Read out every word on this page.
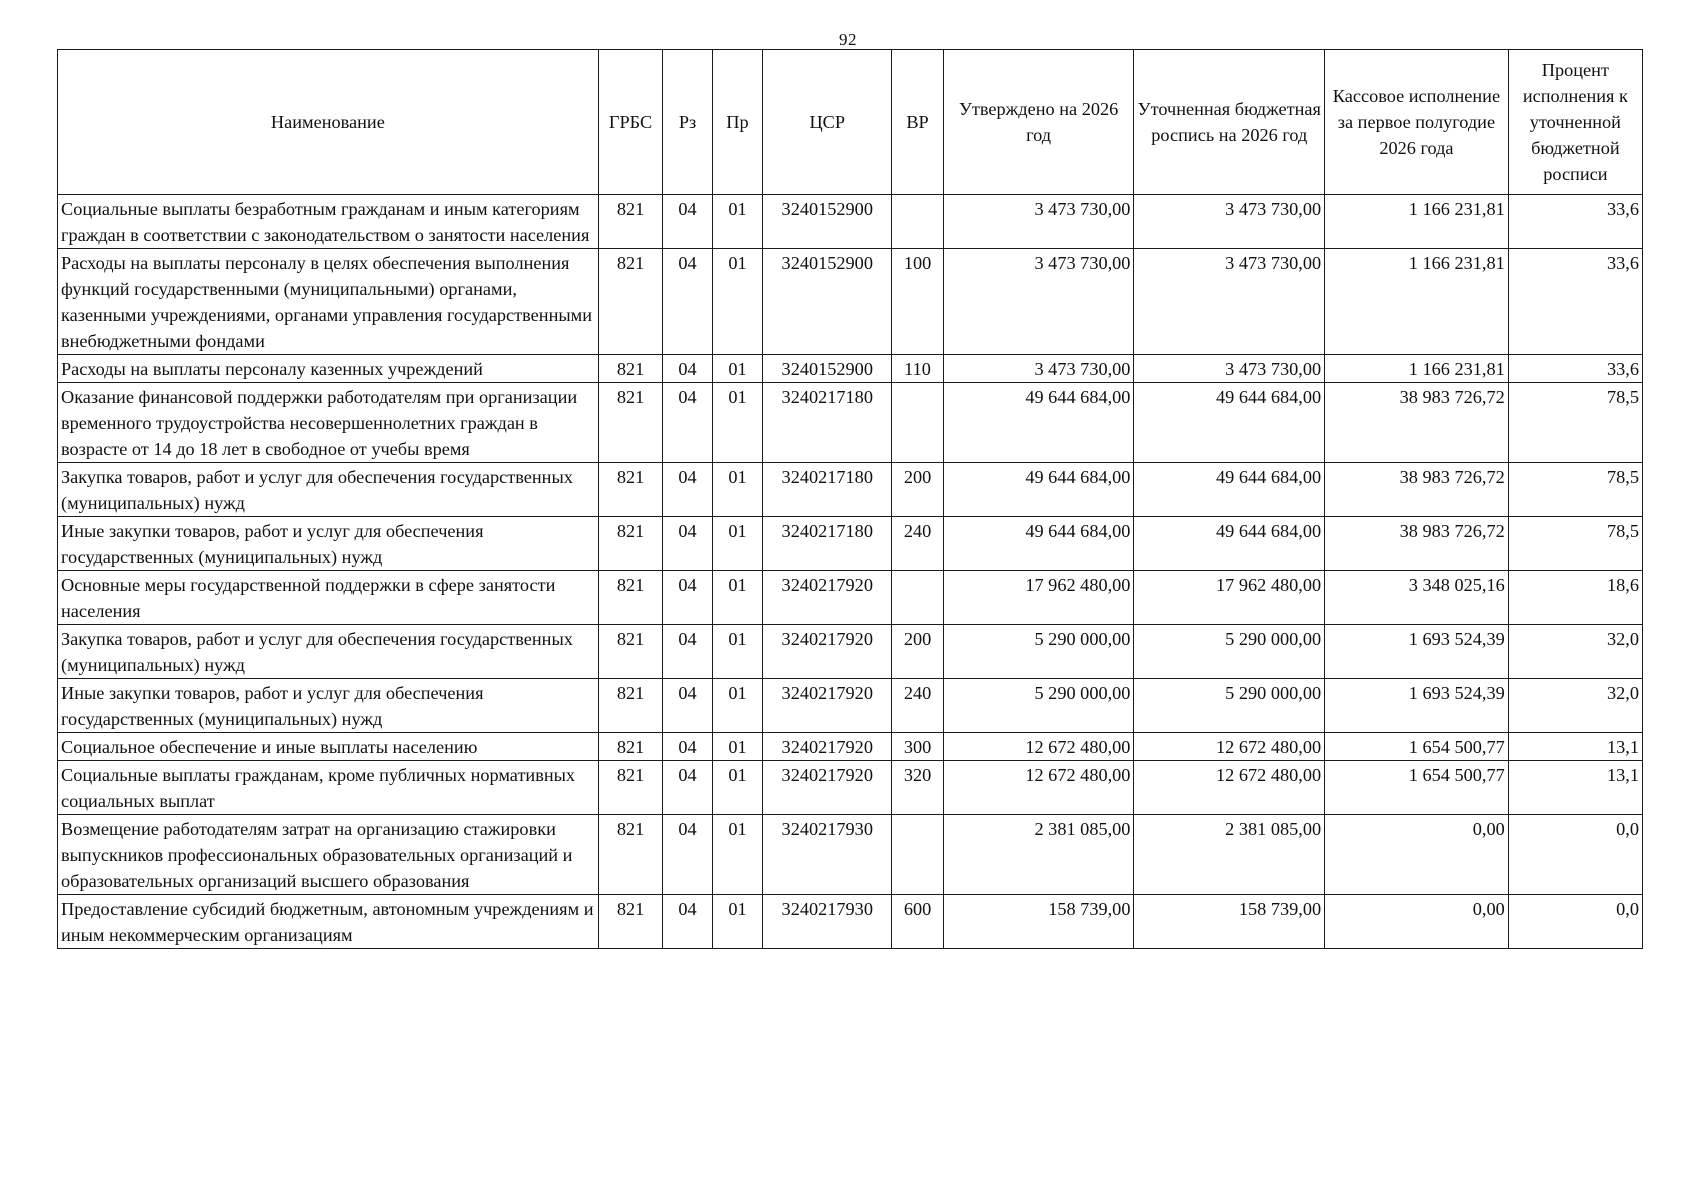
92
Наименование	ГРБС	Рз	Пр	ЦСР	ВР	Утверждено на 2026 год	Уточненная бюджетная роспись на 2026 год	Кассовое исполнение за первое полугодие 2026 года	Процент исполнения к уточненной бюджетной росписи
Социальные выплаты безработным гражданам и иным категориям граждан в соответствии с законодательством о занятости населения	821	04	01	3240152900		3 473 730,00	3 473 730,00	1 166 231,81	33,6
Расходы на выплаты персоналу в целях обеспечения выполнения функций государственными (муниципальными) органами, казенными учреждениями, органами управления государственными внебюджетными фондами	821	04	01	3240152900	100	3 473 730,00	3 473 730,00	1 166 231,81	33,6
Расходы на выплаты персоналу казенных учреждений	821	04	01	3240152900	110	3 473 730,00	3 473 730,00	1 166 231,81	33,6
Оказание финансовой поддержки работодателям при организации временного трудоустройства несовершеннолетних граждан в возрасте от 14 до 18 лет в свободное от учебы время	821	04	01	3240217180		49 644 684,00	49 644 684,00	38 983 726,72	78,5
Закупка товаров, работ и услуг для обеспечения государственных (муниципальных) нужд	821	04	01	3240217180	200	49 644 684,00	49 644 684,00	38 983 726,72	78,5
Иные закупки товаров, работ и услуг для обеспечения государственных (муниципальных) нужд	821	04	01	3240217180	240	49 644 684,00	49 644 684,00	38 983 726,72	78,5
Основные меры государственной поддержки в сфере занятости населения	821	04	01	3240217920		17 962 480,00	17 962 480,00	3 348 025,16	18,6
Закупка товаров, работ и услуг для обеспечения государственных (муниципальных) нужд	821	04	01	3240217920	200	5 290 000,00	5 290 000,00	1 693 524,39	32,0
Иные закупки товаров, работ и услуг для обеспечения государственных (муниципальных) нужд	821	04	01	3240217920	240	5 290 000,00	5 290 000,00	1 693 524,39	32,0
Социальное обеспечение и иные выплаты населению	821	04	01	3240217920	300	12 672 480,00	12 672 480,00	1 654 500,77	13,1
Социальные выплаты гражданам, кроме публичных нормативных социальных выплат	821	04	01	3240217920	320	12 672 480,00	12 672 480,00	1 654 500,77	13,1
Возмещение работодателям затрат на организацию стажировки выпускников профессиональных образовательных организаций и образовательных организаций высшего образования	821	04	01	3240217930		2 381 085,00	2 381 085,00	0,00	0,0
Предоставление субсидий бюджетным, автономным учреждениям и иным некоммерческим организациям	821	04	01	3240217930	600	158 739,00	158 739,00	0,00	0,0
